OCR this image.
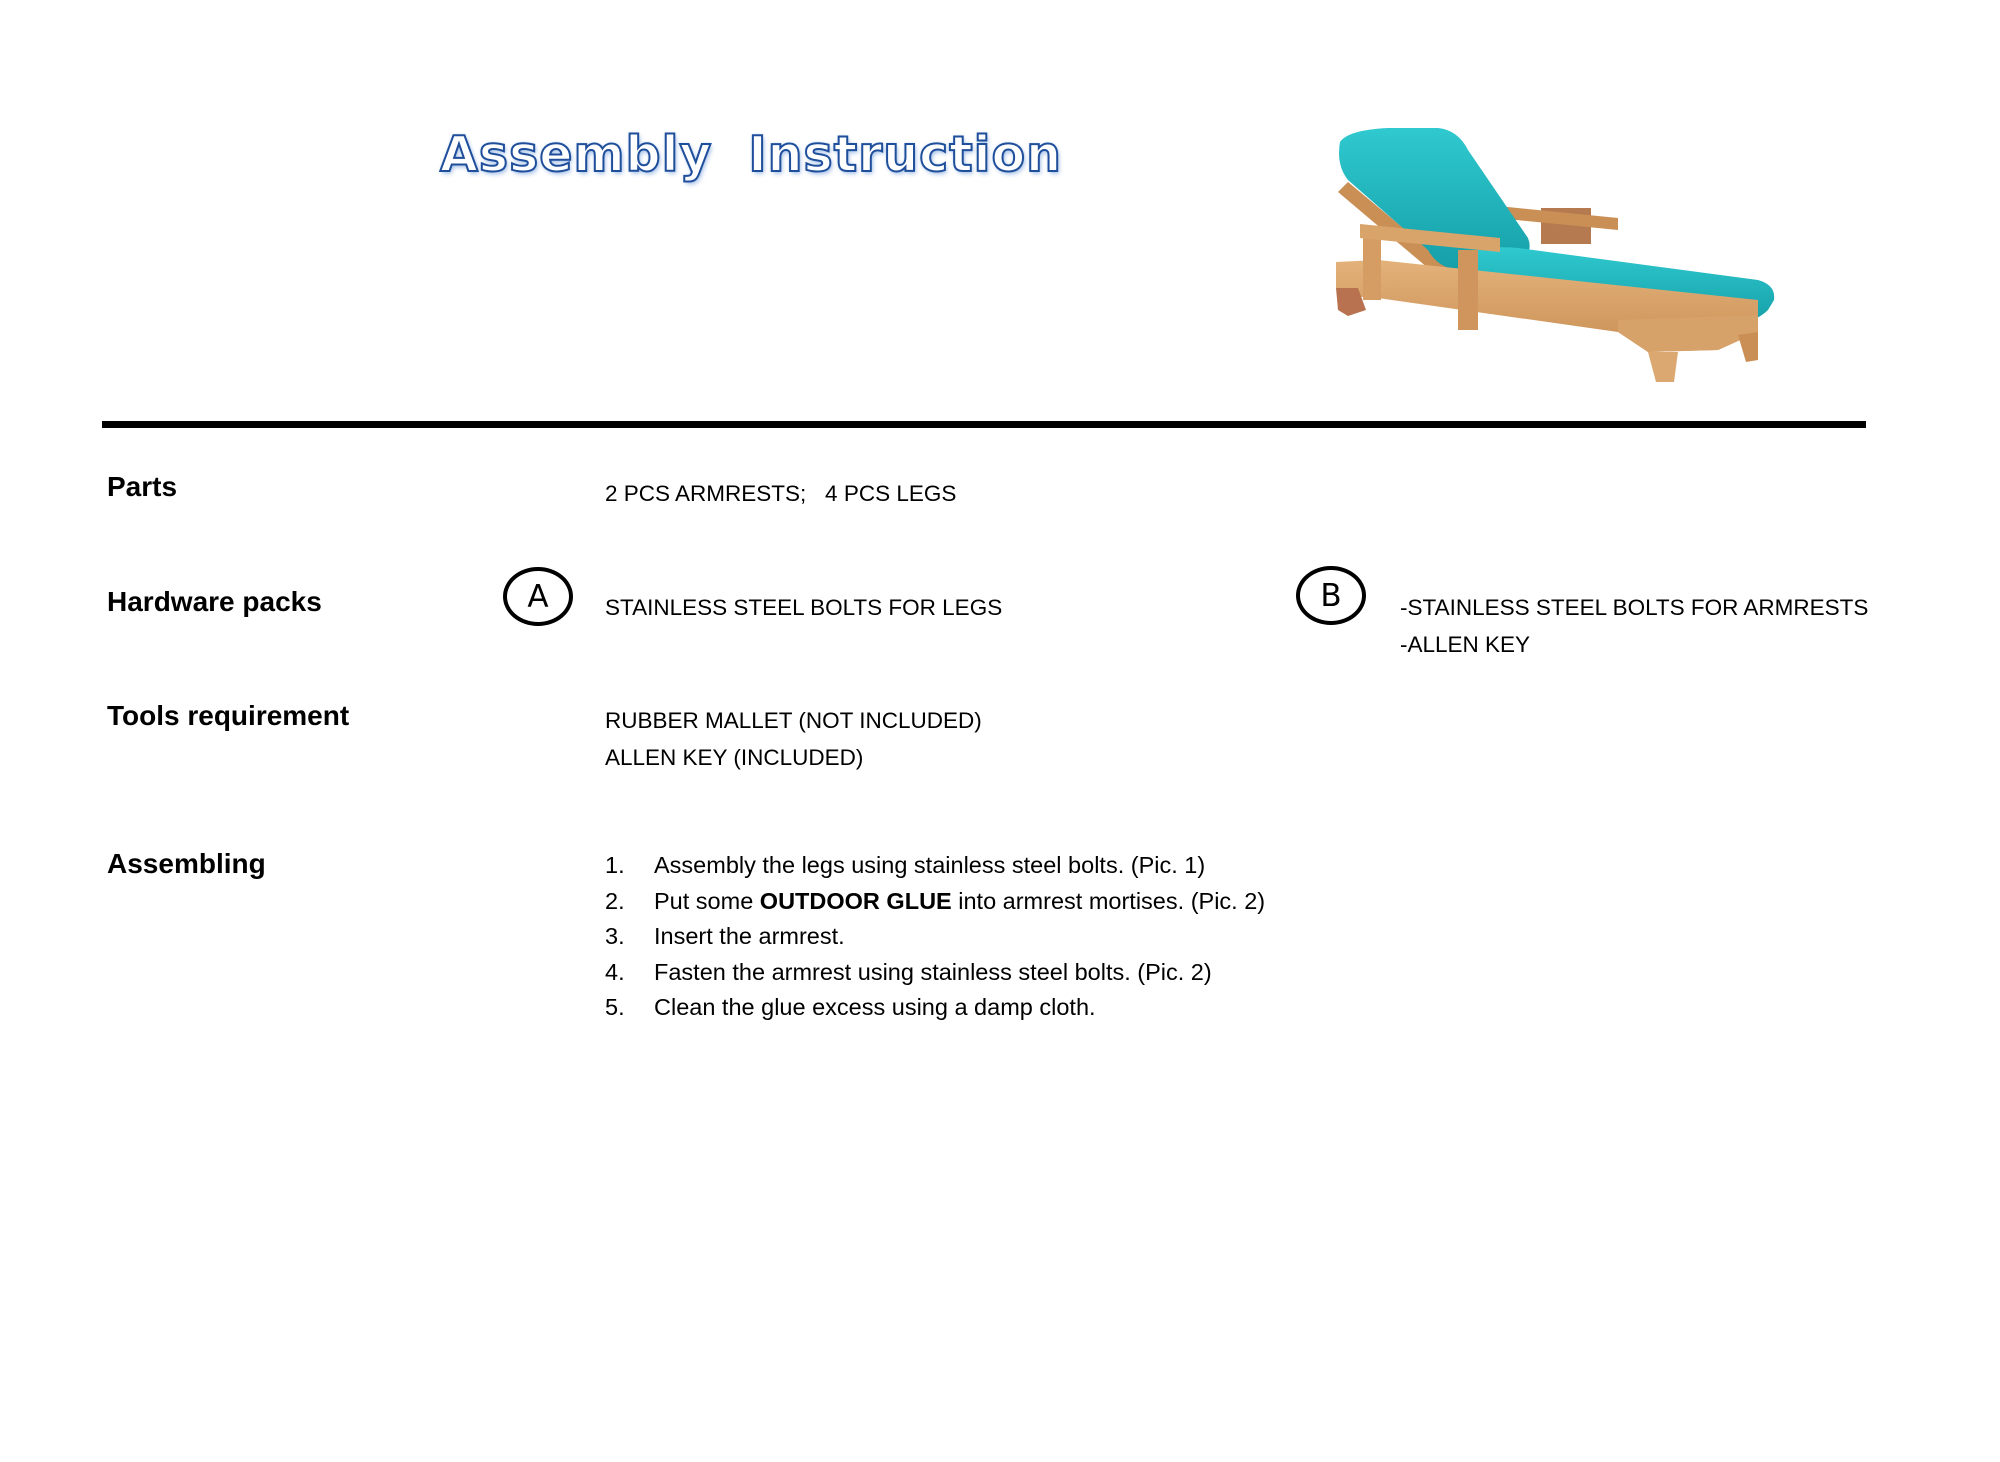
Assembly Instruction
Parts	2 PCS ARMRESTS;   4 PCS LEGS
Hardware packs	A	STAINLESS STEEL BOLTS FOR LEGS	B	-STAINLESS STEEL BOLTS FOR ARMRESTS
-ALLEN KEY
Tools requirement	RUBBER MALLET (NOT INCLUDED)
ALLEN KEY (INCLUDED)
Assembling	1.	Assembly the legs using stainless steel bolts. (Pic. 1)
2.	Put some OUTDOOR GLUE into armrest mortises. (Pic. 2)
3.	Insert the armrest.
4.	Fasten the armrest using stainless steel bolts. (Pic. 2)
5.	Clean the glue excess using a damp cloth.
